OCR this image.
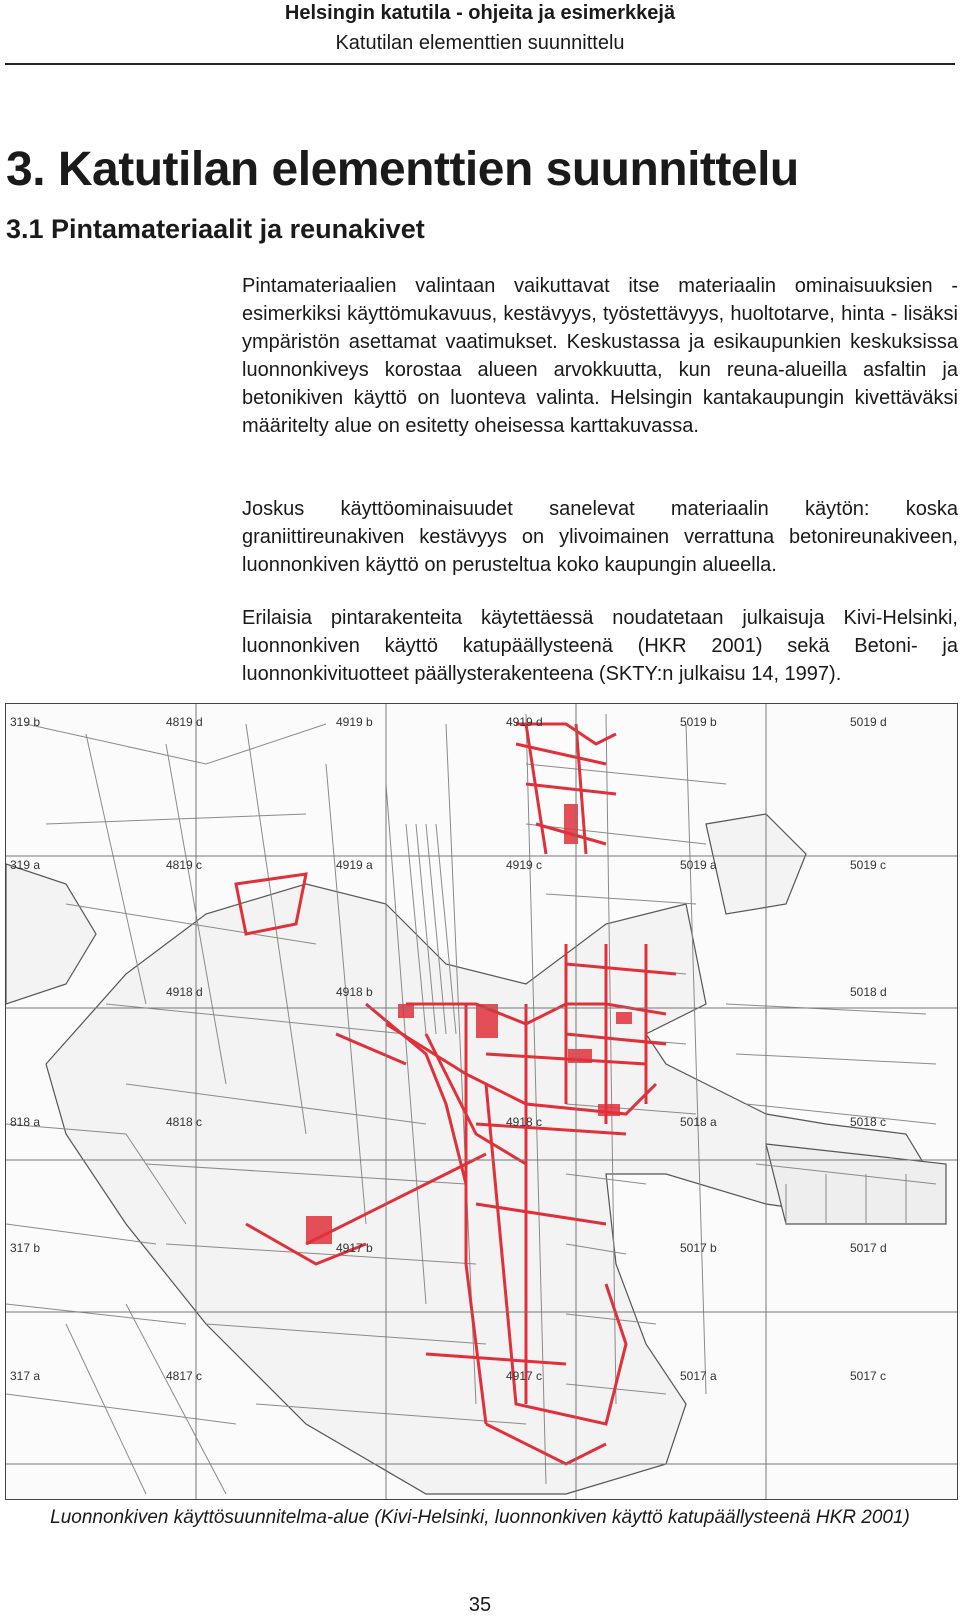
Helsingin katutila - ohjeita ja esimerkkejä
Katutilan elementtien suunnittelu
3. Katutilan elementtien suunnittelu
3.1 Pintamateriaalit ja reunakivet

Pintamateriaalien valintaan vaikuttavat itse materiaalin ominaisuuksien - esimerkiksi käyttömukavuus, kestävyys, työstettävyys, huoltotarve, hinta - lisäksi ympäristön asettamat vaatimukset. Keskustassa ja esikaupunkien keskuksissa luonnonkiveys korostaa alueen arvokkuutta, kun reuna-alueilla asfaltin ja betonikiven käyttö on luonteva valinta. Helsingin kantakaupungin kivettäväksi määritelty alue on esitetty oheisessa karttakuvassa.

Joskus käyttöominaisuudet sanelevat materiaalin käytön: koska graniittireunakiven kestävyys on ylivoimainen verrattuna betonireunakiveen, luonnonkiven käyttö on perusteltua koko kaupungin alueella.

Erilaisia pintarakenteita käytettäessä noudatetaan julkaisuja Kivi-Helsinki, luonnonkiven käyttö katupäällysteenä (HKR 2001) sekä Betoni- ja luonnonkivituotteet päällysterakenteena (SKTY:n julkaisu 14, 1997).

319 b	4819 d	4919 b	4919 d	5019 b	5019 d
319 a	4819 c	4919 a	4919 c	5019 a	5019 c
4918 d	4918 b	5018 d
818 a	4818 c	4918 c	5018 a	5018 c
317 b	4917 b	5017 b	5017 d
317 a	4817 c	4917 c	5017 a	5017 c
Luonnonkiven käyttösuunnitelma-alue (Kivi-Helsinki, luonnonkiven käyttö katupäällysteenä HKR 2001)
35
